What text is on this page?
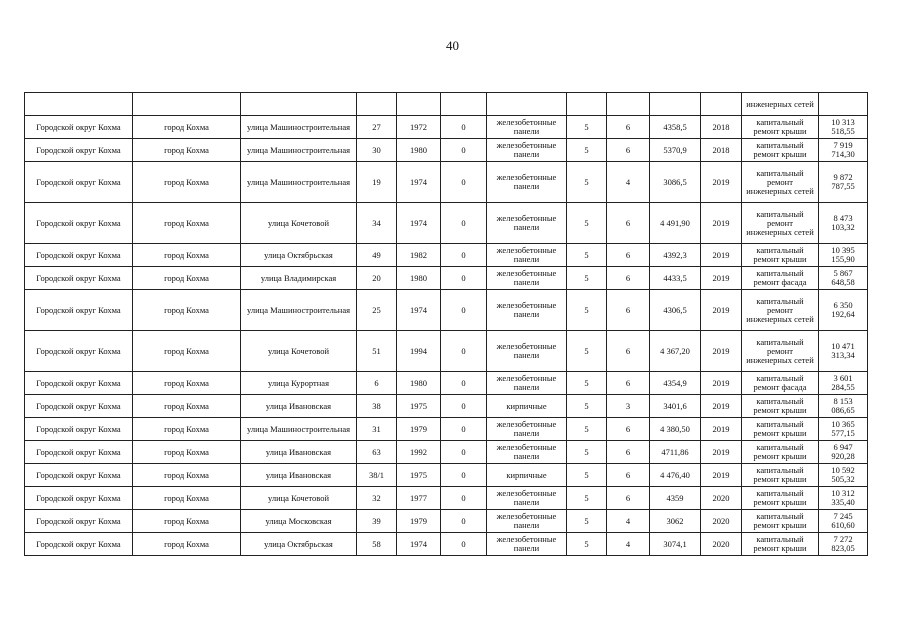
40
											инженерных сетей	
Городской округ Кохма	город Кохма	улица Машиностроительная	27	1972	0	железобетонные панели	5	6	4358,5	2018	капитальный ремонт крыши	10 313 518,55
Городской округ Кохма	город Кохма	улица Машиностроительная	30	1980	0	железобетонные панели	5	6	5370,9	2018	капитальный ремонт крыши	7 919 714,30
Городской округ Кохма	город Кохма	улица Машиностроительная	19	1974	0	железобетонные панели	5	4	3086,5	2019	капитальный ремонт инженерных сетей	9 872 787,55
Городской округ Кохма	город Кохма	улица Кочетовой	34	1974	0	железобетонные панели	5	6	4 491,90	2019	капитальный ремонт инженерных сетей	8 473 103,32
Городской округ Кохма	город Кохма	улица Октябрьская	49	1982	0	железобетонные панели	5	6	4392,3	2019	капитальный ремонт крыши	10 395 155,90
Городской округ Кохма	город Кохма	улица Владимирская	20	1980	0	железобетонные панели	5	6	4433,5	2019	капитальный ремонт фасада	5 867 648,58
Городской округ Кохма	город Кохма	улица Машиностроительная	25	1974	0	железобетонные панели	5	6	4306,5	2019	капитальный ремонт инженерных сетей	6 350 192,64
Городской округ Кохма	город Кохма	улица Кочетовой	51	1994	0	железобетонные панели	5	6	4 367,20	2019	капитальный ремонт инженерных сетей	10 471 313,34
Городской округ Кохма	город Кохма	улица Курортная	6	1980	0	железобетонные панели	5	6	4354,9	2019	капитальный ремонт фасада	3 601 284,55
Городской округ Кохма	город Кохма	улица Ивановская	38	1975	0	кирпичные	5	3	3401,6	2019	капитальный ремонт крыши	8 153 086,65
Городской округ Кохма	город Кохма	улица Машиностроительная	31	1979	0	железобетонные панели	5	6	4 380,50	2019	капитальный ремонт крыши	10 365 577,15
Городской округ Кохма	город Кохма	улица Ивановская	63	1992	0	железобетонные панели	5	6	4711,86	2019	капитальный ремонт крыши	6 947 920,28
Городской округ Кохма	город Кохма	улица Ивановская	38/1	1975	0	кирпичные	5	6	4 476,40	2019	капитальный ремонт крыши	10 592 505,32
Городской округ Кохма	город Кохма	улица Кочетовой	32	1977	0	железобетонные панели	5	6	4359	2020	капитальный ремонт крыши	10 312 335,40
Городской округ Кохма	город Кохма	улица Московская	39	1979	0	железобетонные панели	5	4	3062	2020	капитальный ремонт крыши	7 245 610,60
Городской округ Кохма	город Кохма	улица Октябрьская	58	1974	0	железобетонные панели	5	4	3074,1	2020	капитальный ремонт крыши	7 272 823,05
